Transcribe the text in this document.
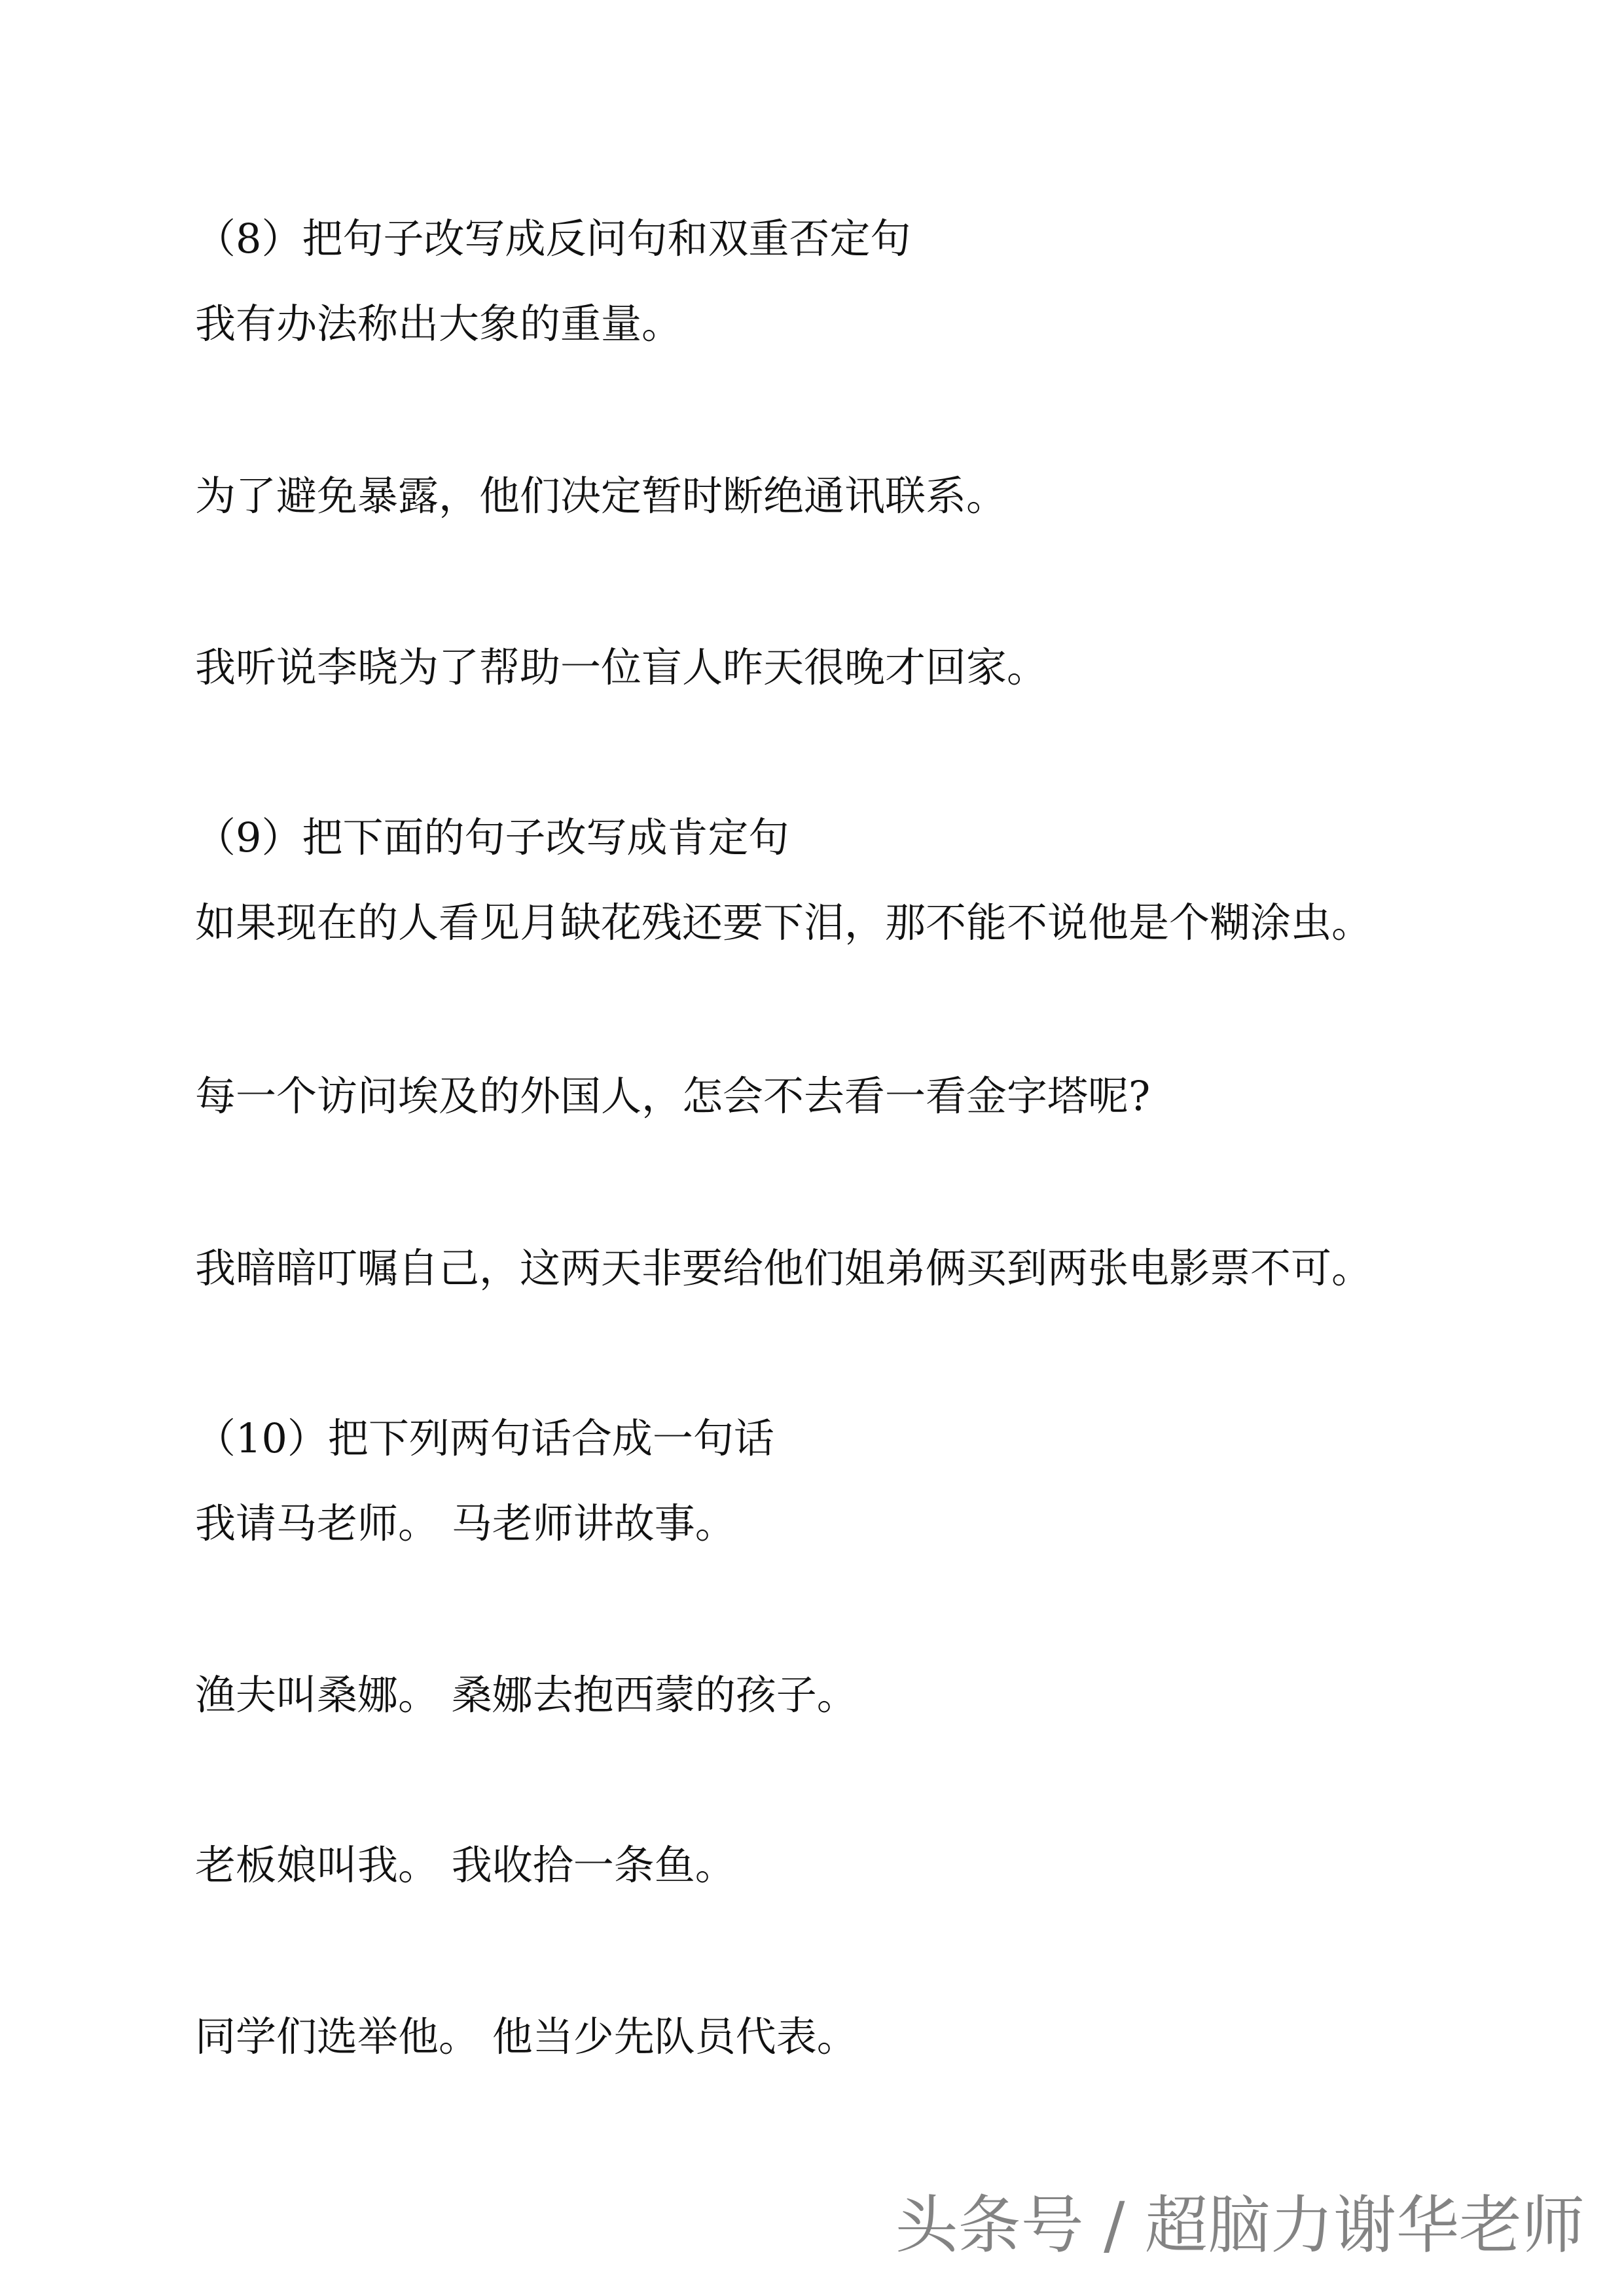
（8）把句子改写成反问句和双重否定句
我有办法称出大象的重量。
为了避免暴露，他们决定暂时断绝通讯联系。
我听说李晓为了帮助一位盲人昨天很晚才回家。
（9）把下面的句子改写成肯定句
如果现在的人看见月缺花残还要下泪，那不能不说他是个糊涂虫。
每一个访问埃及的外国人，怎会不去看一看金字塔呢?
我暗暗叮嘱自己，这两天非要给他们姐弟俩买到两张电影票不可。
（10）把下列两句话合成一句话
我请马老师。 马老师讲故事。
渔夫叫桑娜。 桑娜去抱西蒙的孩子。
老板娘叫我。 我收拾一条鱼。
同学们选举他。 他当少先队员代表。
头条号 / 超脑力谢华老师
